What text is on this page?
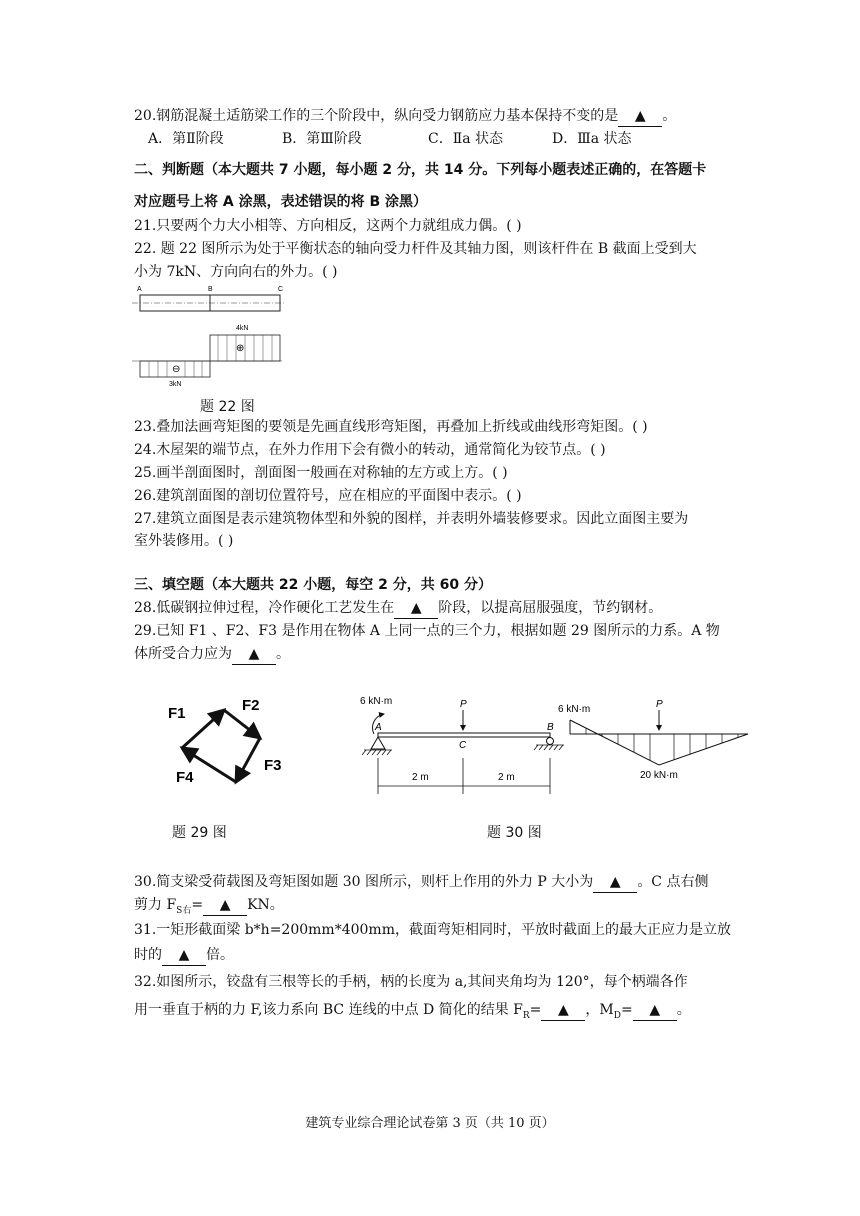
20.钢筋混凝土适筋梁工作的三个阶段中，纵向受力钢筋应力基本保持不变的是 ▲ 。
A．第Ⅱ阶段	B．第Ⅲ阶段	C．Ⅱa 状态	D．Ⅲa 状态
二、判断题（本大题共 7 小题，每小题 2 分，共 14 分。下列每小题表述正确的，在答题卡
对应题号上将 A 涂黑，表述错误的将 B 涂黑）
21.只要两个力大小相等、方向相反，这两个力就组成力偶。( )
22. 题 22 图所示为处于平衡状态的轴向受力杆件及其轴力图，则该杆件在 B 截面上受到大
小为 7kN、方向向右的外力。( )
A	B	C
4kN
⊕
⊖
3kN
题 22 图
23.叠加法画弯矩图的要领是先画直线形弯矩图，再叠加上折线或曲线形弯矩图。( )
24.木屋架的端节点，在外力作用下会有微小的转动，通常简化为铰节点。( )
25.画半剖面图时，剖面图一般画在对称轴的左方或上方。( )
26.建筑剖面图的剖切位置符号，应在相应的平面图中表示。( )
27.建筑立面图是表示建筑物体型和外貌的图样，并表明外墙装修要求。因此立面图主要为
室外装修用。( )
三、填空题（本大题共 22 小题，每空 2 分，共 60 分）
28.低碳钢拉伸过程，冷作硬化工艺发生在 ▲ 阶段，以提高屈服强度，节约钢材。
29.已知 F1 、F2、F3 是作用在物体 A 上同一点的三个力，根据如题 29 图所示的力系。A 物
体所受合力应为 ▲ 。
F1	F2
F3
F4
题 29 图
6 kN·m	P
A
C
B
2 m	2 m
6 kN·m	P
20 kN·m
题 30 图
30.简支梁受荷载图及弯矩图如题 30 图所示，则杆上作用的外力 P 大小为 ▲ 。C 点右侧
剪力 $F_{S右}=$ ▲ KN。
31.一矩形截面梁 b*h=200mm*400mm，截面弯矩相同时，平放时截面上的最大正应力是立放
时的 ▲ 倍。
32.如图所示，铰盘有三根等长的手柄，柄的长度为 a,其间夹角均为 120°，每个柄端各作
用一垂直于柄的力 F,该力系向 BC 连线的中点 D 简化的结果 $F_R=$ ▲ ，$M_D=$ ▲ 。
建筑专业综合理论试卷第 3 页（共 10 页）
